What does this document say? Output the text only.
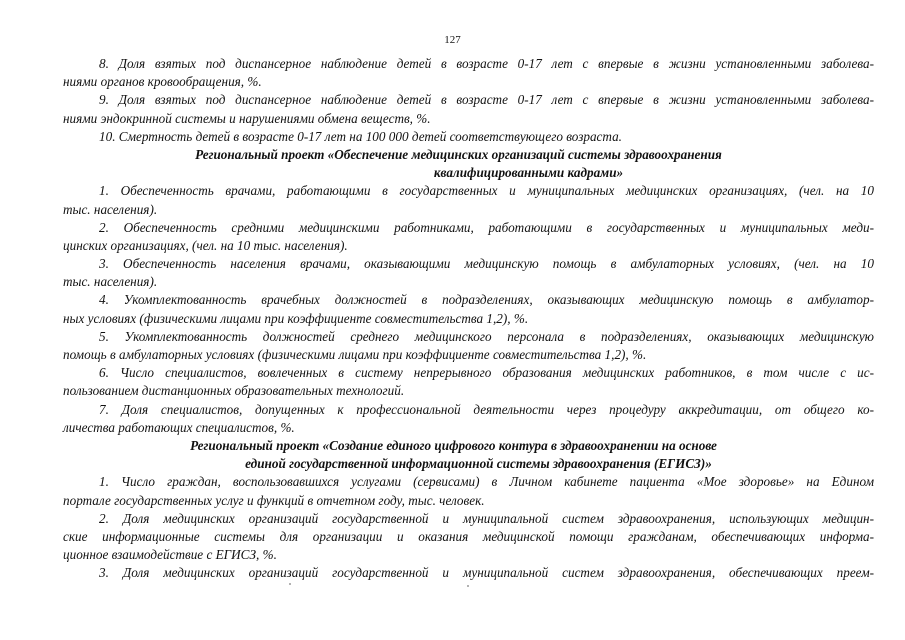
127
8. Доля взятых под диспансерное наблюдение детей в возрасте 0-17 лет с впервые в жизни установленными заболева-
ниями органов кровообращения, %.
9. Доля взятых под диспансерное наблюдение детей в возрасте 0-17 лет с впервые в жизни установленными заболева-
ниями эндокринной системы и нарушениями обмена веществ, %.
10. Смертность детей в возрасте 0-17 лет на 100 000 детей соответствующего возраста.
Региональный проект «Обеспечение медицинских организаций системы здравоохранения
квалифицированными кадрами»
1. Обеспеченность врачами, работающими в государственных и муниципальных медицинских организациях, (чел. на 10
тыс. населения).
2. Обеспеченность средними медицинскими работниками, работающими в государственных и муниципальных меди-
цинских организациях, (чел. на 10 тыс. населения).
3. Обеспеченность населения врачами, оказывающими медицинскую помощь в амбулаторных условиях, (чел. на 10
тыс. населения).
4. Укомплектованность врачебных должностей в подразделениях, оказывающих медицинскую помощь в амбулатор-
ных условиях (физическими лицами при коэффициенте совместительства 1,2), %.
5. Укомплектованность должностей среднего медицинского персонала в подразделениях, оказывающих медицинскую
помощь в амбулаторных условиях (физическими лицами при коэффициенте совместительства 1,2), %.
6. Число специалистов, вовлеченных в систему непрерывного образования медицинских работников, в том числе с ис-
пользованием дистанционных образовательных технологий.
7. Доля специалистов, допущенных к профессиональной деятельности через процедуру аккредитации, от общего ко-
личества работающих специалистов, %.
Региональный проект «Создание единого цифрового контура в здравоохранении на основе
единой государственной информационной системы здравоохранения (ЕГИСЗ)»
1. Число граждан, воспользовавшихся услугами (сервисами) в Личном кабинете пациента «Мое здоровье» на Едином
портале государственных услуг и функций в отчетном году, тыс. человек.
2. Доля медицинских организаций государственной и муниципальной систем здравоохранения, использующих медицин-
ские информационные системы для организации и оказания медицинской помощи гражданам, обеспечивающих информа-
ционное взаимодействие с ЕГИСЗ, %.
3. Доля медицинских организаций государственной и муниципальной систем здравоохранения, обеспечивающих преем-
